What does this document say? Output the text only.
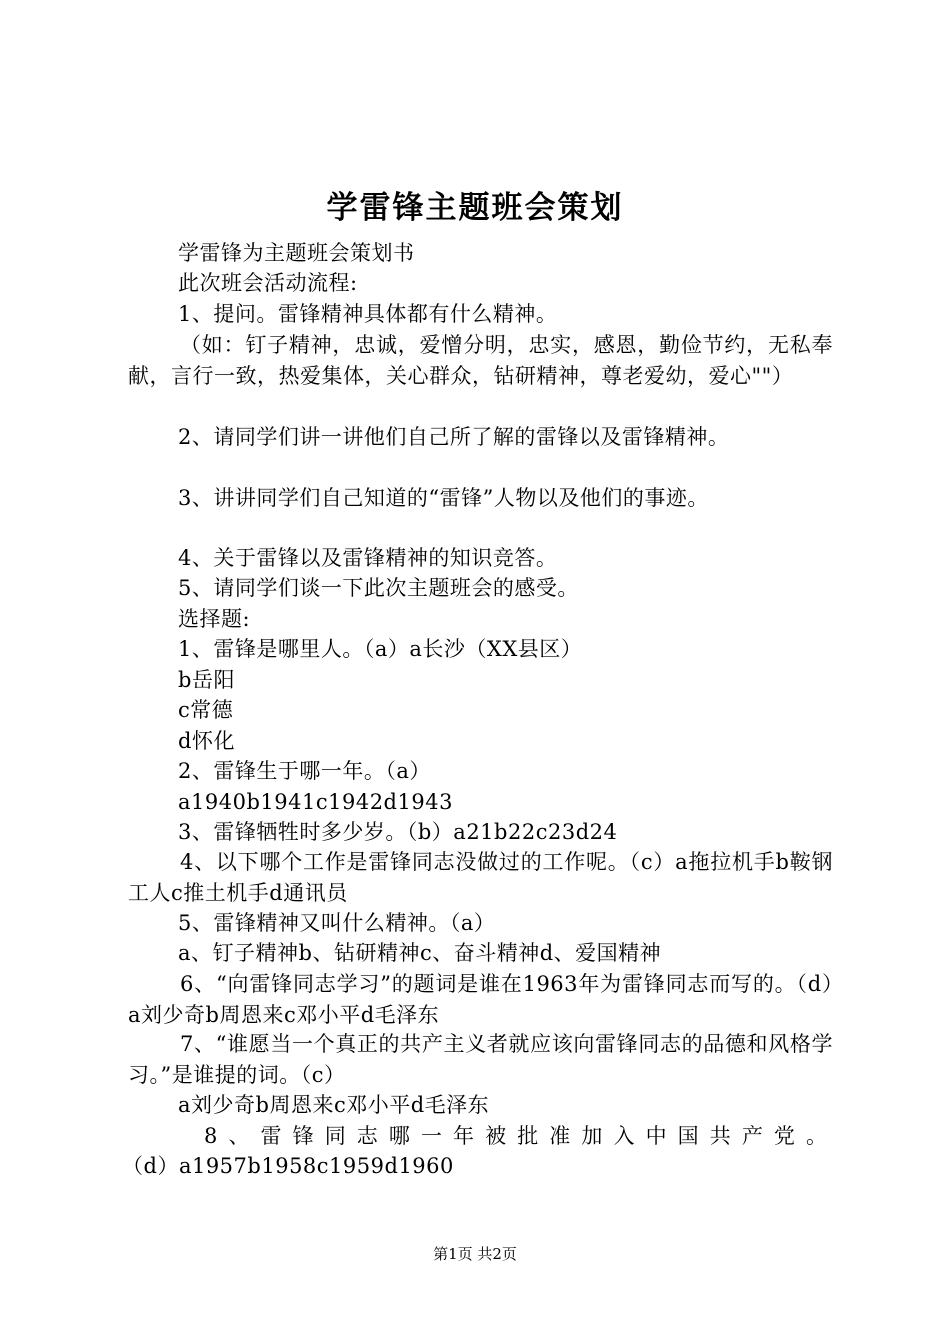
学雷锋主题班会策划
学雷锋为主题班会策划书
此次班会活动流程:
1、提问。雷锋精神具体都有什么精神。
（如：钉子精神，忠诚，爱憎分明，忠实，感恩，勤俭节约，无私奉献，言行一致，热爱集体，关心群众，钻研精神，尊老爱幼，爱心""）
2、请同学们讲一讲他们自己所了解的雷锋以及雷锋精神。
3、讲讲同学们自己知道的“雷锋”人物以及他们的事迹。
4、关于雷锋以及雷锋精神的知识竞答。
5、请同学们谈一下此次主题班会的感受。
选择题:
1、雷锋是哪里人。（a）a长沙（XX县区）
b岳阳
c常德
d怀化
2、雷锋生于哪一年。（a）
a1940b1941c1942d1943
3、雷锋牺牲时多少岁。（b）a21b22c23d24
4、以下哪个工作是雷锋同志没做过的工作呢。（c）a拖拉机手b鞍钢工人c推土机手d通讯员
5、雷锋精神又叫什么精神。（a）
a、钉子精神b、钻研精神c、奋斗精神d、爱国精神
6、“向雷锋同志学习”的题词是谁在1963年为雷锋同志而写的。（d）a刘少奇b周恩来c邓小平d毛泽东
7、“谁愿当一个真正的共产主义者就应该向雷锋同志的品德和风格学习。”是谁提的词。（c）
a刘少奇b周恩来c邓小平d毛泽东
8、雷锋同志哪一年被批准加入中国共产党。
（d）a1957b1958c1959d1960
第1页 共2页
